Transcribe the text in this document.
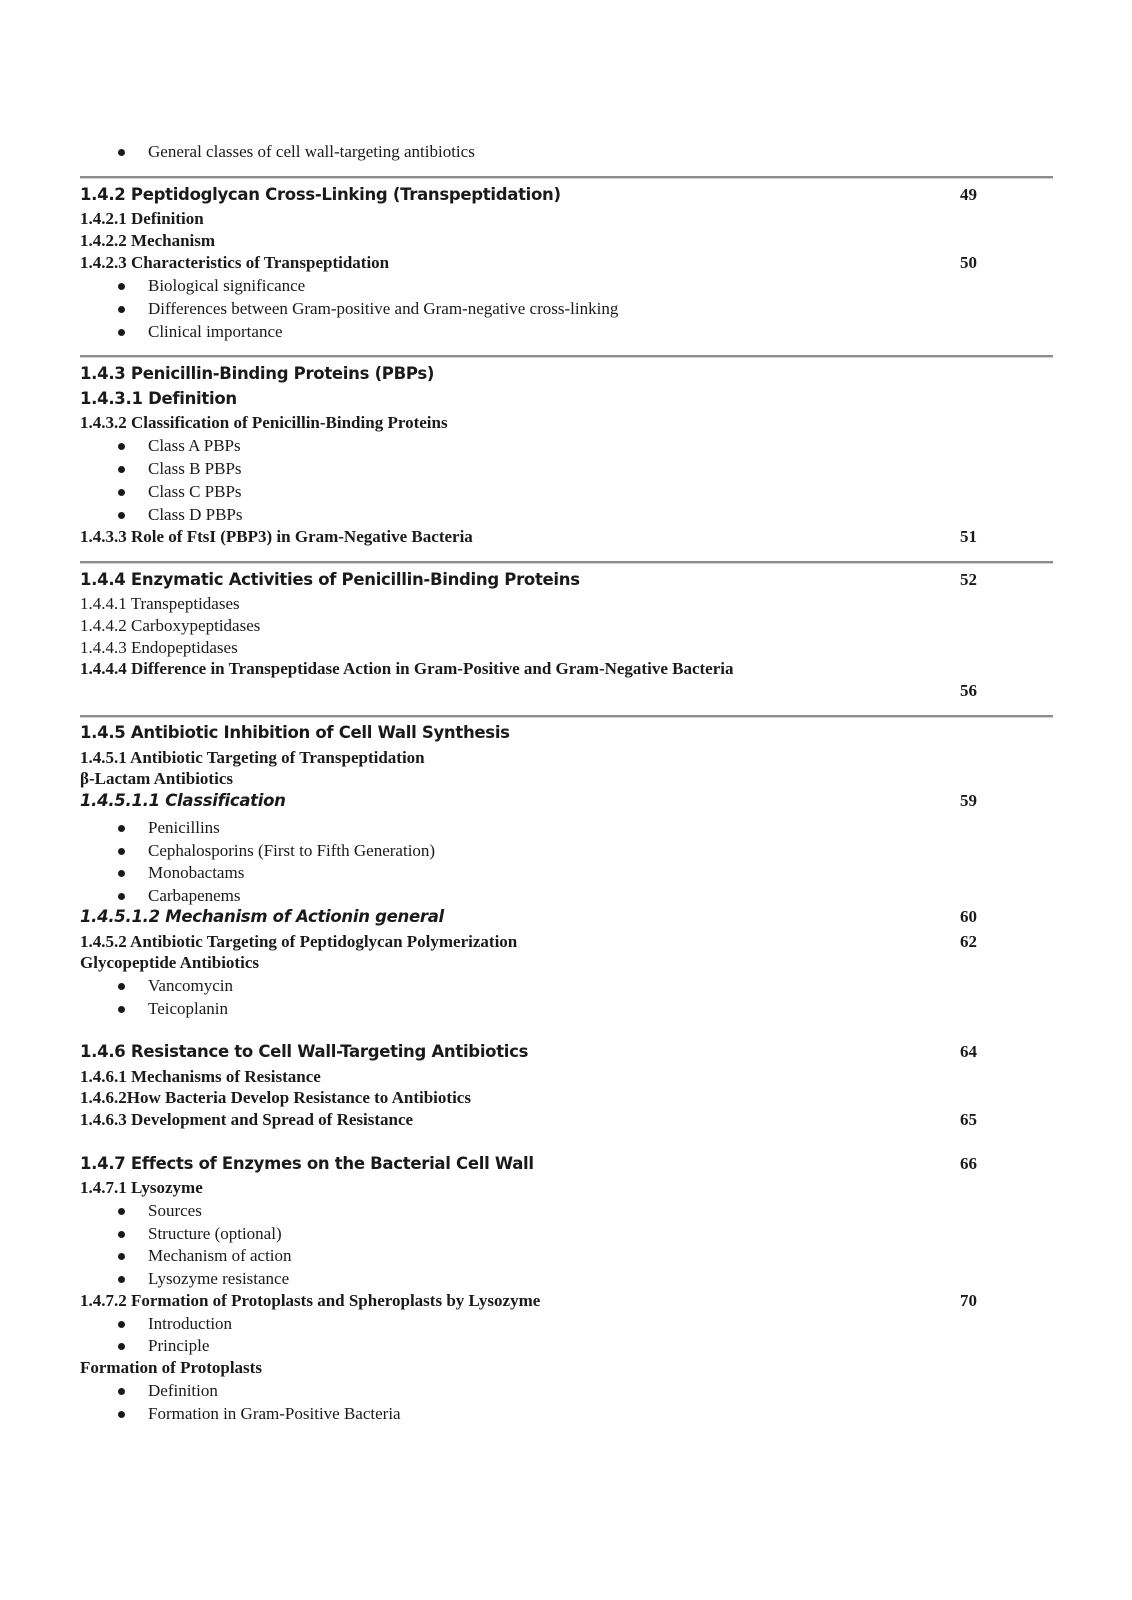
General classes of cell wall-targeting antibiotics
1.4.2 Peptidoglycan Cross-Linking (Transpeptidation)	49
1.4.2.1 Definition
1.4.2.2 Mechanism
1.4.2.3 Characteristics of Transpeptidation	50
Biological significance
Differences between Gram-positive and Gram-negative cross-linking
Clinical importance
1.4.3 Penicillin-Binding Proteins (PBPs)
1.4.3.1 Definition
1.4.3.2 Classification of Penicillin-Binding Proteins
Class A PBPs
Class B PBPs
Class C PBPs
Class D PBPs
1.4.3.3 Role of FtsI (PBP3) in Gram-Negative Bacteria	51
1.4.4 Enzymatic Activities of Penicillin-Binding Proteins	52
1.4.4.1 Transpeptidases
1.4.4.2 Carboxypeptidases
1.4.4.3 Endopeptidases
1.4.4.4 Difference in Transpeptidase Action in Gram-Positive and Gram-Negative Bacteria
56
1.4.5 Antibiotic Inhibition of Cell Wall Synthesis
1.4.5.1 Antibiotic Targeting of Transpeptidation
β-Lactam Antibiotics
1.4.5.1.1 Classification	59
Penicillins
Cephalosporins (First to Fifth Generation)
Monobactams
Carbapenems
1.4.5.1.2 Mechanism of Actionin general	60
1.4.5.2 Antibiotic Targeting of Peptidoglycan Polymerization	62
Glycopeptide Antibiotics
Vancomycin
Teicoplanin
1.4.6 Resistance to Cell Wall-Targeting Antibiotics	64
1.4.6.1 Mechanisms of Resistance
1.4.6.2How Bacteria Develop Resistance to Antibiotics
1.4.6.3 Development and Spread of Resistance	65
1.4.7 Effects of Enzymes on the Bacterial Cell Wall	66
1.4.7.1 Lysozyme
Sources
Structure (optional)
Mechanism of action
Lysozyme resistance
1.4.7.2 Formation of Protoplasts and Spheroplasts by Lysozyme	70
Introduction
Principle
Formation of Protoplasts
Definition
Formation in Gram-Positive Bacteria
